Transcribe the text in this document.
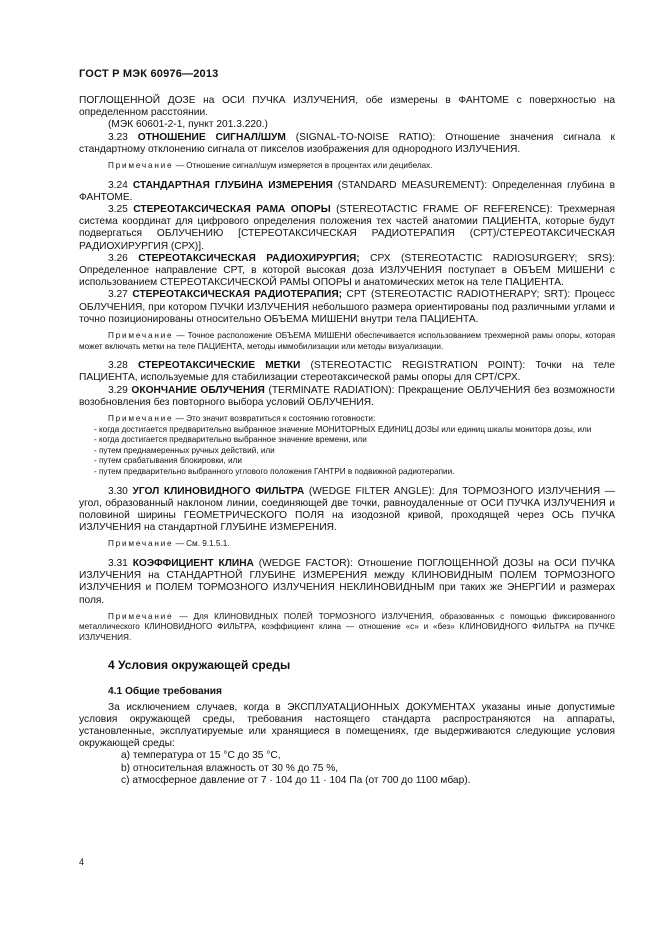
ГОСТ Р МЭК 60976—2013

ПОГЛОЩЕННОЙ ДОЗЕ на ОСИ ПУЧКА ИЗЛУЧЕНИЯ, обе измерены в ФАНТОМЕ с поверхностью на определенном расстоянии.

(МЭК 60601-2-1, пункт 201.3.220.)

3.23 ОТНОШЕНИЕ СИГНАЛ/ШУМ (SIGNAL-TO-NOISE RATIO): Отношение значения сигнала к стандартному отклонению сигнала от пикселов изображения для однородного ИЗЛУЧЕНИЯ.

Примечание — Отношение сигнал/шум измеряется в процентах или децибелах.

3.24 СТАНДАРТНАЯ ГЛУБИНА ИЗМЕРЕНИЯ (STANDARD MEASUREMENT): Определенная глубина в ФАНТОМЕ.

3.25 СТЕРЕОТАКСИЧЕСКАЯ РАМА ОПОРЫ (STEREOTACTIC FRAME OF REFERENCE): Трехмерная система координат для цифрового определения положения тех частей анатомии ПАЦИЕНТА, которые будут подвергаться ОБЛУЧЕНИЮ [СТЕРЕОТАКСИЧЕСКАЯ РАДИОТЕРАПИЯ (СРТ)/СТЕРЕОТАКСИЧЕСКАЯ РАДИОХИРУРГИЯ (СРХ)].

3.26 СТЕРЕОТАКСИЧЕСКАЯ РАДИОХИРУРГИЯ; СРХ (STEREOTACTIC RADIOSURGERY; SRS): Определенное направление СРТ, в которой высокая доза ИЗЛУЧЕНИЯ поступает в ОБЪЕМ МИШЕНИ с использованием СТЕРЕОТАКСИЧЕСКОЙ РАМЫ ОПОРЫ и анатомических меток на теле ПАЦИЕНТА.

3.27 СТЕРЕОТАКСИЧЕСКАЯ РАДИОТЕРАПИЯ; СРТ (STEREOTACTIC RADIOTHERAPY; SRT): Процесс ОБЛУЧЕНИЯ, при котором ПУЧКИ ИЗЛУЧЕНИЯ небольшого размера ориентированы под различными углами и точно позиционированы относительно ОБЪЕМА МИШЕНИ внутри тела ПАЦИЕНТА.

Примечание — Точное расположение ОБЪЕМА МИШЕНИ обеспечивается использованием трехмерной рамы опоры, которая может включать метки на теле ПАЦИЕНТА, методы иммобилизации или методы визуализации.

3.28 СТЕРЕОТАКСИЧЕСКИЕ МЕТКИ (STEREOTACTIC REGISTRATION POINT): Точки на теле ПАЦИЕНТА, используемые для стабилизации стереотаксической рамы опоры для СРТ/СРХ.

3.29 ОКОНЧАНИЕ ОБЛУЧЕНИЯ (TERMINATE RADIATION): Прекращение ОБЛУЧЕНИЯ без возможности возобновления без повторного выбора условий ОБЛУЧЕНИЯ.

Примечание — Это значит возвратиться к состоянию готовности:

- когда достигается предварительно выбранное значение МОНИТОРНЫХ ЕДИНИЦ ДОЗЫ или единиц шкалы монитора дозы, или

- когда достигается предварительно выбранное значение времени, или

- путем преднамеренных ручных действий, или

- путем срабатывания блокировки, или

- путем предварительно выбранного углового положения ГАНТРИ в подвижной радиотерапии.

3.30 УГОЛ КЛИНОВИДНОГО ФИЛЬТРА (WEDGE FILTER ANGLE): Для ТОРМОЗНОГО ИЗЛУЧЕНИЯ — угол, образованный наклоном линии, соединяющей две точки, равноудаленные от ОСИ ПУЧКА ИЗЛУЧЕНИЯ и половиной ширины ГЕОМЕТРИЧЕСКОГО ПОЛЯ на изодозной кривой, проходящей через ОСЬ ПУЧКА ИЗЛУЧЕНИЯ на стандартной ГЛУБИНЕ ИЗМЕРЕНИЯ.

Примечание — См. 9.1.5.1.

3.31 КОЭФФИЦИЕНТ КЛИНА (WEDGE FACTOR): Отношение ПОГЛОЩЕННОЙ ДОЗЫ на ОСИ ПУЧКА ИЗЛУЧЕНИЯ на СТАНДАРТНОЙ ГЛУБИНЕ ИЗМЕРЕНИЯ между КЛИНОВИДНЫМ ПОЛЕМ ТОРМОЗНОГО ИЗЛУЧЕНИЯ и ПОЛЕМ ТОРМОЗНОГО ИЗЛУЧЕНИЯ НЕКЛИНОВИДНЫМ при таких же ЭНЕРГИИ и размерах поля.

Примечание — Для КЛИНОВИДНЫХ ПОЛЕЙ ТОРМОЗНОГО ИЗЛУЧЕНИЯ, образованных с помощью фиксированного металлического КЛИНОВИДНОГО ФИЛЬТРА, коэффициент клина — отношение «с» и «без» КЛИНОВИДНОГО ФИЛЬТРА на ПУЧКЕ ИЗЛУЧЕНИЯ.

4 Условия окружающей среды

4.1 Общие требования

За исключением случаев, когда в ЭКСПЛУАТАЦИОННЫХ ДОКУМЕНТАХ указаны иные допустимые условия окружающей среды, требования настоящего стандарта распространяются на аппараты, установленные, эксплуатируемые или хранящиеся в помещениях, где выдерживаются следующие условия окружающей среды:

а) температура от 15 °С до 35 °С,

b) относительная влажность от 30 % до 75 %,

c) атмосферное давление от 7 · 104 до 11 · 104 Па (от 700 до 1100 мбар).

4
